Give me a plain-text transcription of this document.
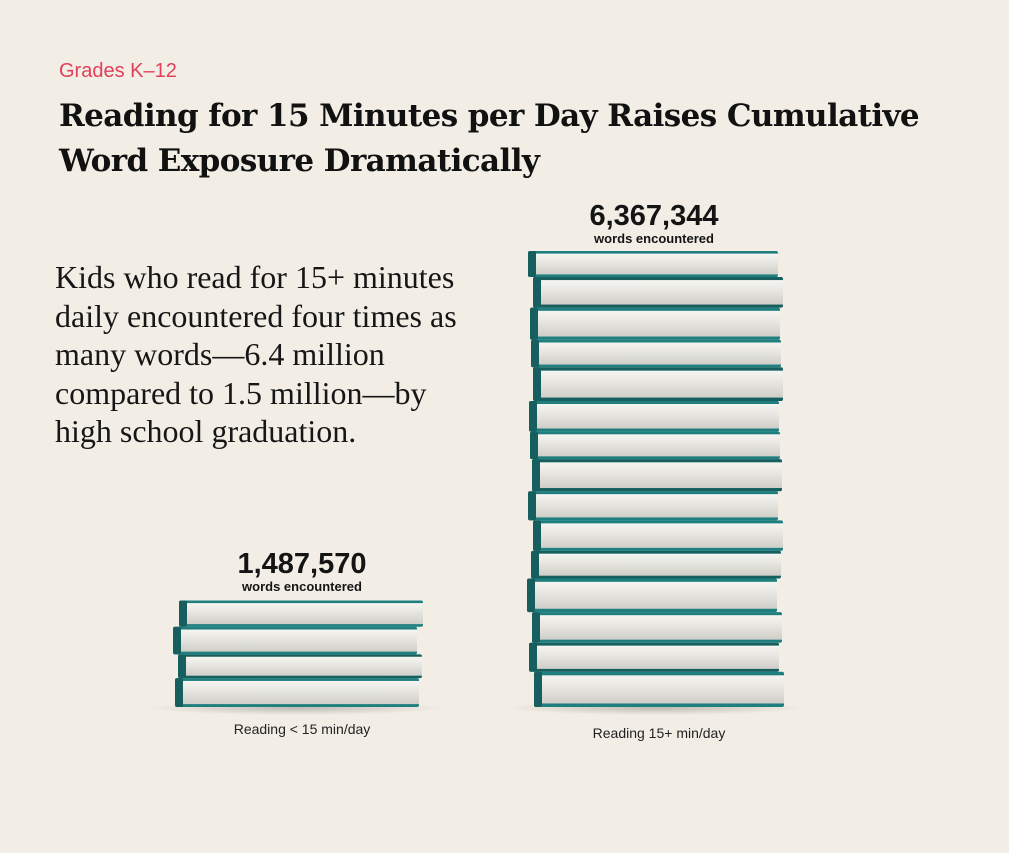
Grades K–12
Reading for 15 Minutes per Day Raises Cumulative Word Exposure Dramatically

Kids who read for 15+ minutes daily encountered four times as many words—6.4 million compared to 1.5 million—by high school graduation.

1,487,570
words encountered
6,367,344
words encountered
Reading < 15 min/day	Reading 15+ min/day
